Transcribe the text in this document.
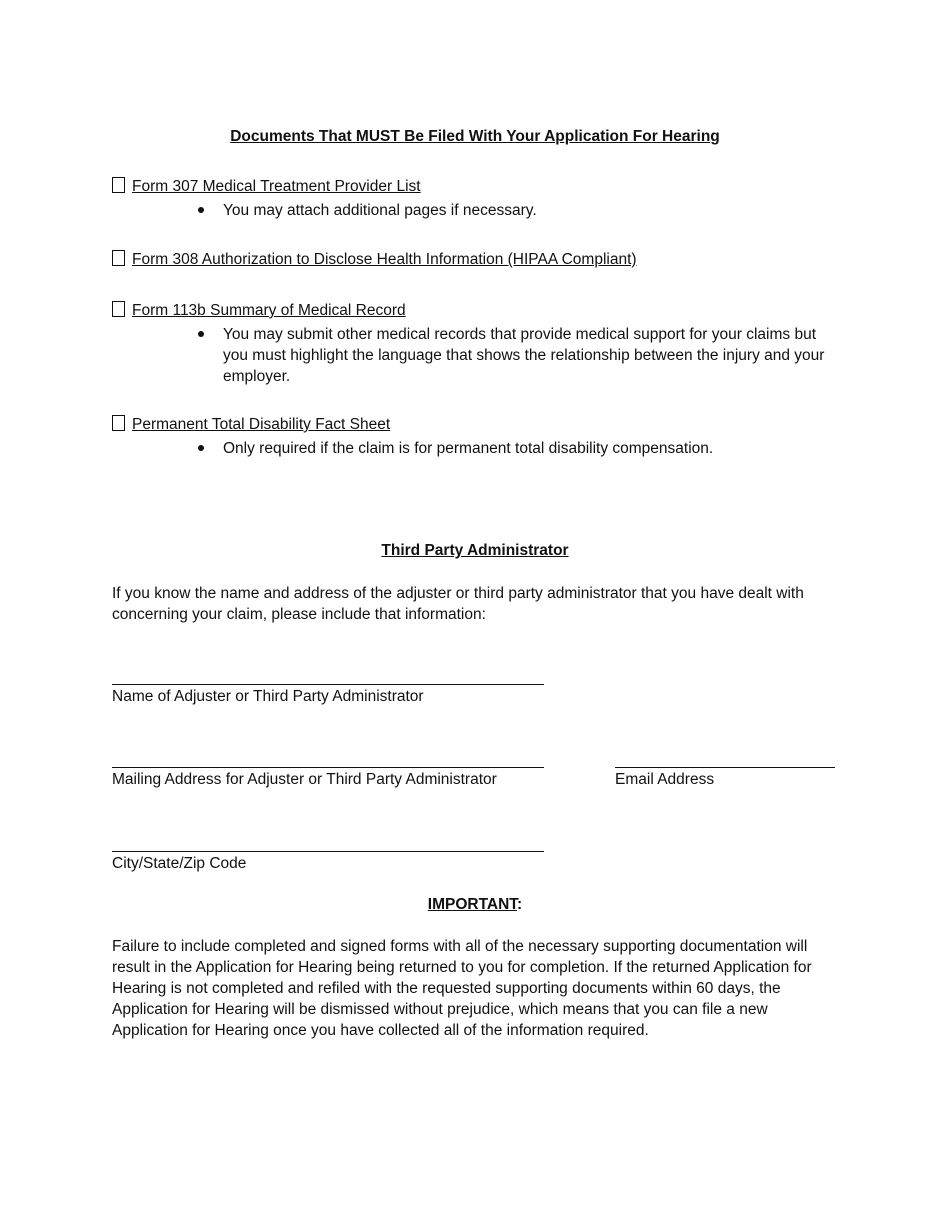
Documents That MUST Be Filed With Your Application For Hearing
Form 307 Medical Treatment Provider List
You may attach additional pages if necessary.
Form 308 Authorization to Disclose Health Information (HIPAA Compliant)
Form 113b Summary of Medical Record
You may submit other medical records that provide medical support for your claims but you must highlight the language that shows the relationship between the injury and your employer.
Permanent Total Disability Fact Sheet
Only required if the claim is for permanent total disability compensation.
Third Party Administrator
If you know the name and address of the adjuster or third party administrator that you have dealt with concerning your claim, please include that information:
Name of Adjuster or Third Party Administrator
Mailing Address for Adjuster or Third Party Administrator	Email Address
City/State/Zip Code
IMPORTANT:
Failure to include completed and signed forms with all of the necessary supporting documentation will result in the Application for Hearing being returned to you for completion. If the returned Application for Hearing is not completed and refiled with the requested supporting documents within 60 days, the Application for Hearing will be dismissed without prejudice, which means that you can file a new Application for Hearing once you have collected all of the information required.
